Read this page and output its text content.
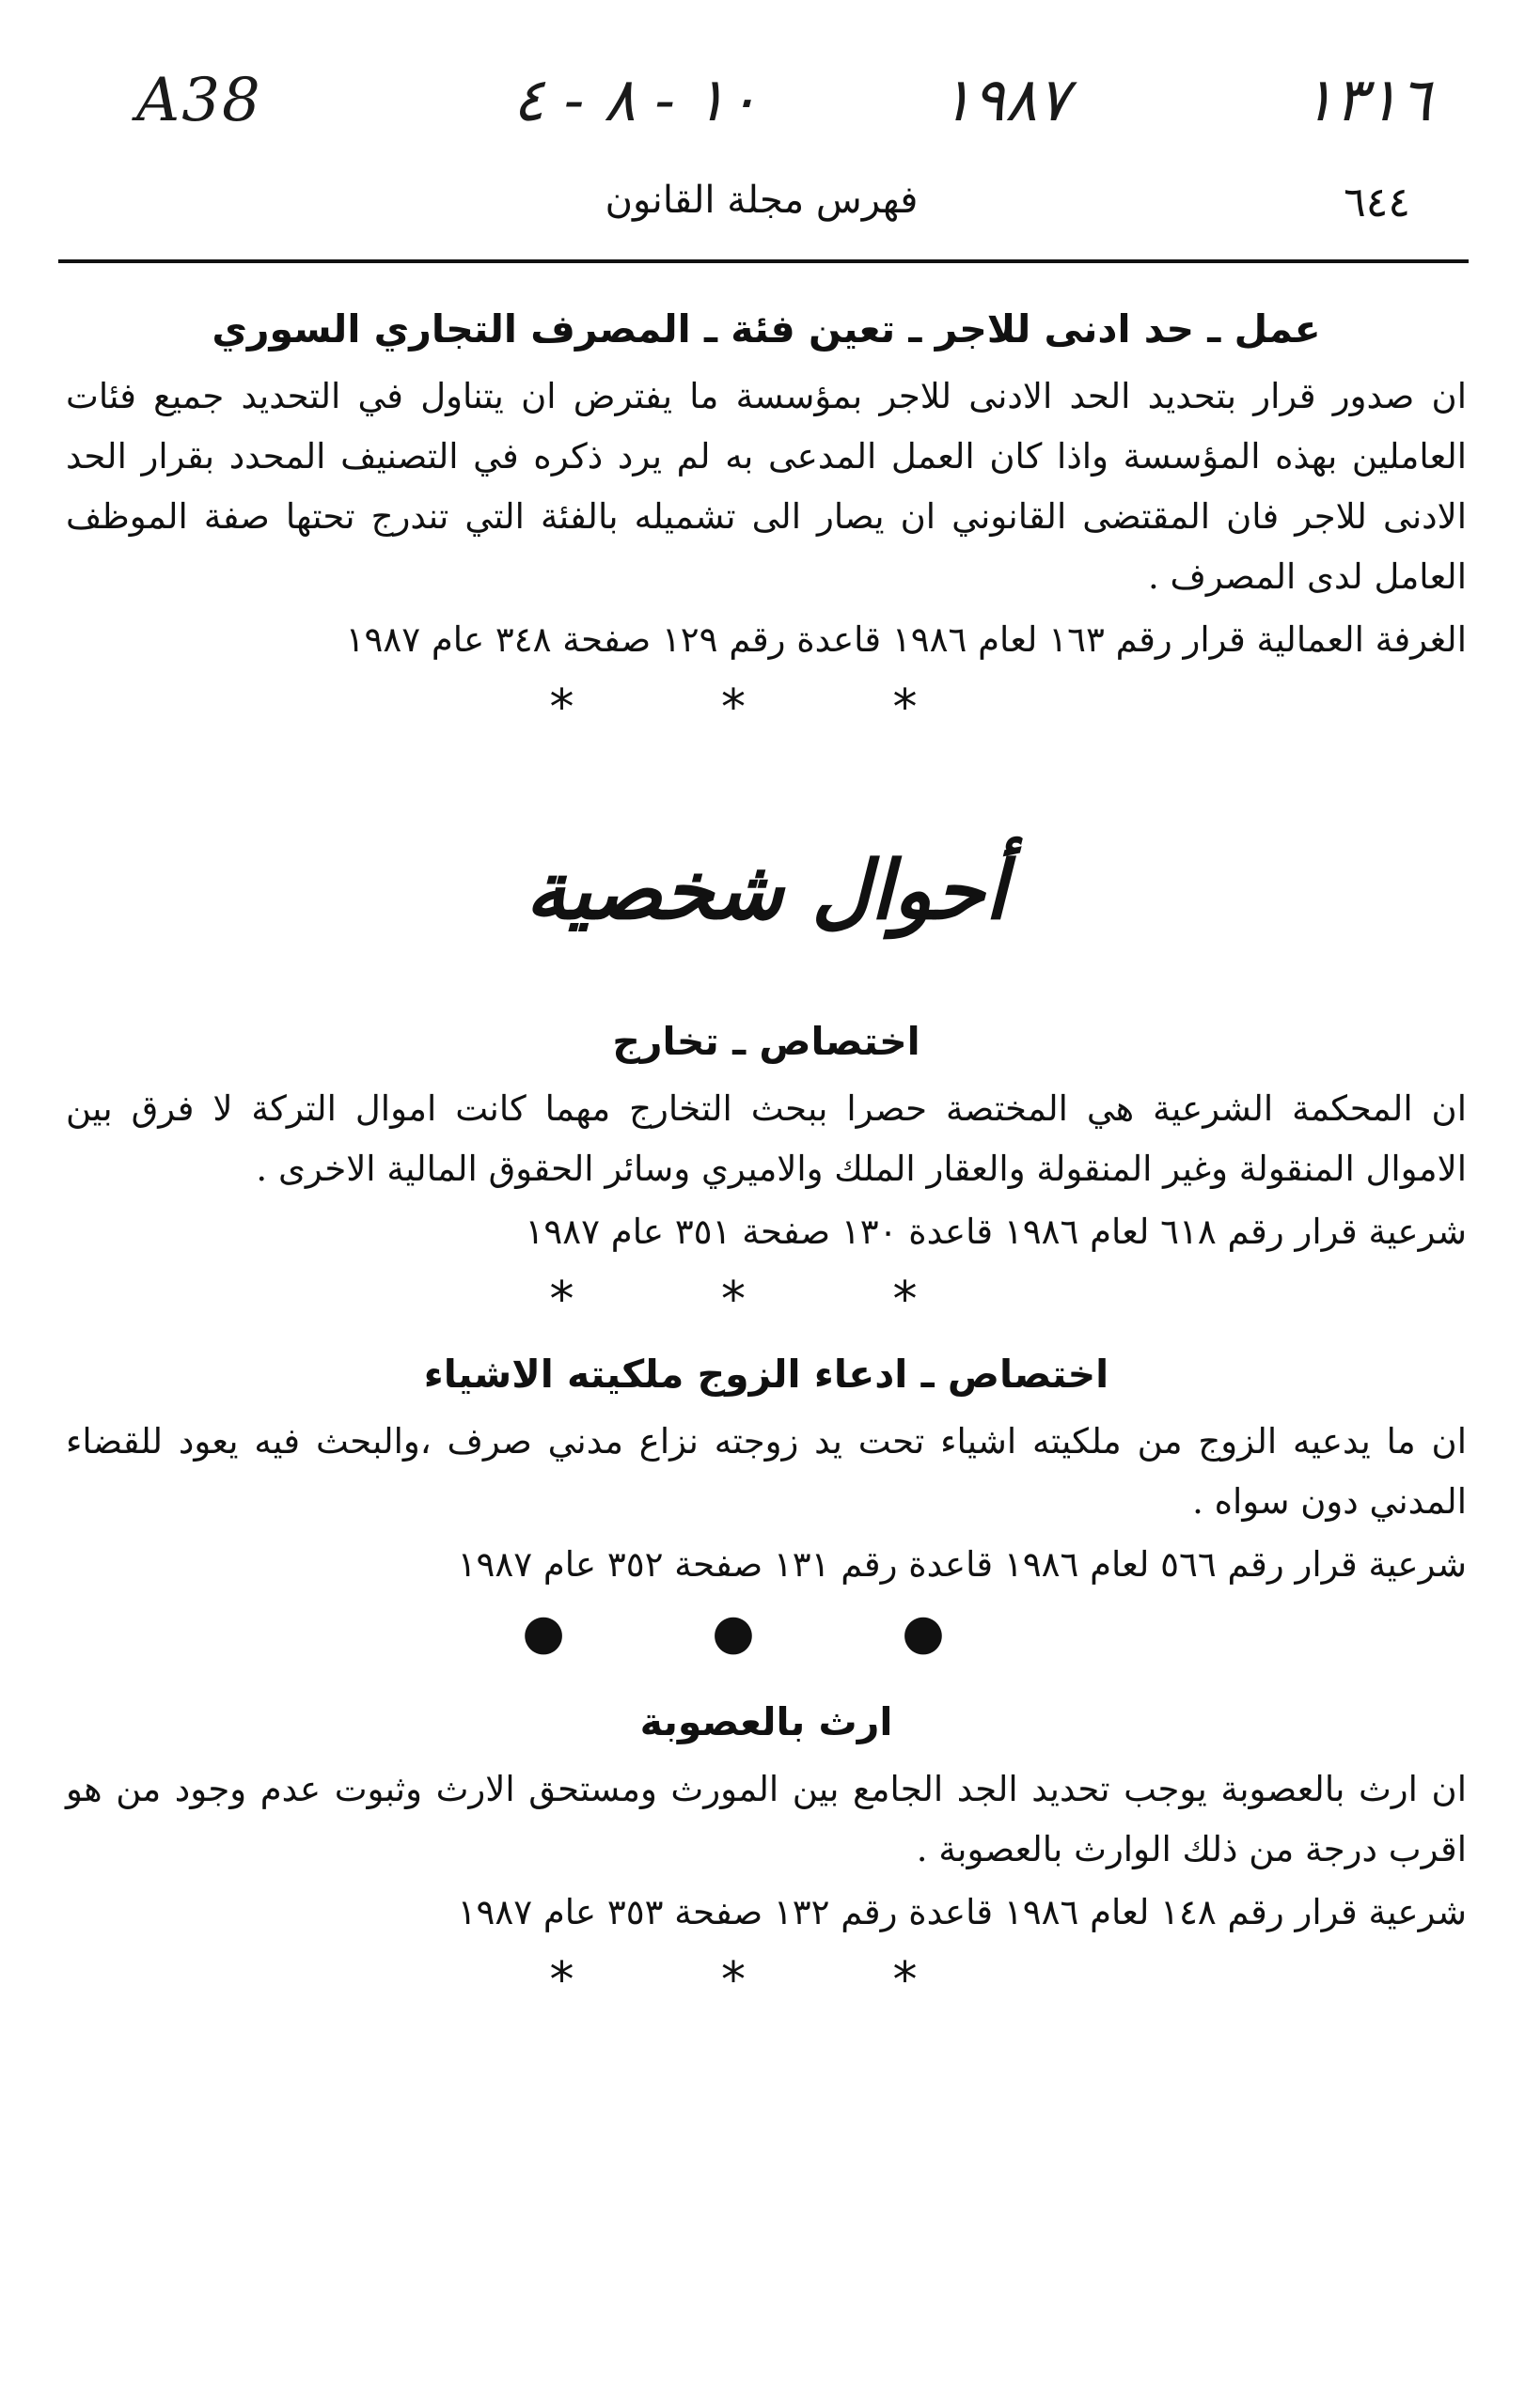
A38	١٠ - ٨ - ٤	١٩٨٧	١٣١٦
فهرس مجلة القانون	٦٤٤
عمل ـ حد ادنى للاجر ـ تعين فئة ـ المصرف التجاري السوري

ان صدور قرار بتحديد الحد الادنى للاجر بمؤسسة ما يفترض ان يتناول في التحديد جميع فئات العاملين بهذه المؤسسة واذا كان العمل المدعى به لم يرد ذكره في التصنيف المحدد بقرار الحد الادنى للاجر فان المقتضى القانوني ان يصار الى تشميله بالفئة التي تندرج تحتها صفة الموظف العامل لدى المصرف .

الغرفة العمالية قرار رقم ١٦٣ لعام ١٩٨٦ قاعدة رقم ١٢٩ صفحة ٣٤٨ عام ١٩٨٧

* * *
أحوال شخصية
اختصاص ـ تخارج

ان المحكمة الشرعية هي المختصة حصرا ببحث التخارج مهما كانت اموال التركة لا فرق بين الاموال المنقولة وغير المنقولة والعقار الملك والاميري وسائر الحقوق المالية الاخرى .

شرعية قرار رقم ٦١٨ لعام ١٩٨٦ قاعدة ١٣٠ صفحة ٣٥١ عام ١٩٨٧

* * *
اختصاص ـ ادعاء الزوج ملكيته الاشياء

ان ما يدعيه الزوج من ملكيته اشياء تحت يد زوجته نزاع مدني صرف ،والبحث فيه يعود للقضاء المدني دون سواه .

شرعية قرار رقم ٥٦٦ لعام ١٩٨٦ قاعدة رقم ١٣١ صفحة ٣٥٢ عام ١٩٨٧

● ● ●
ارث بالعصوبة

ان ارث بالعصوبة يوجب تحديد الجد الجامع بين المورث ومستحق الارث وثبوت عدم وجود من هو اقرب درجة من ذلك الوارث بالعصوبة .

شرعية قرار رقم ١٤٨ لعام ١٩٨٦ قاعدة رقم ١٣٢ صفحة ٣٥٣ عام ١٩٨٧

* * *
